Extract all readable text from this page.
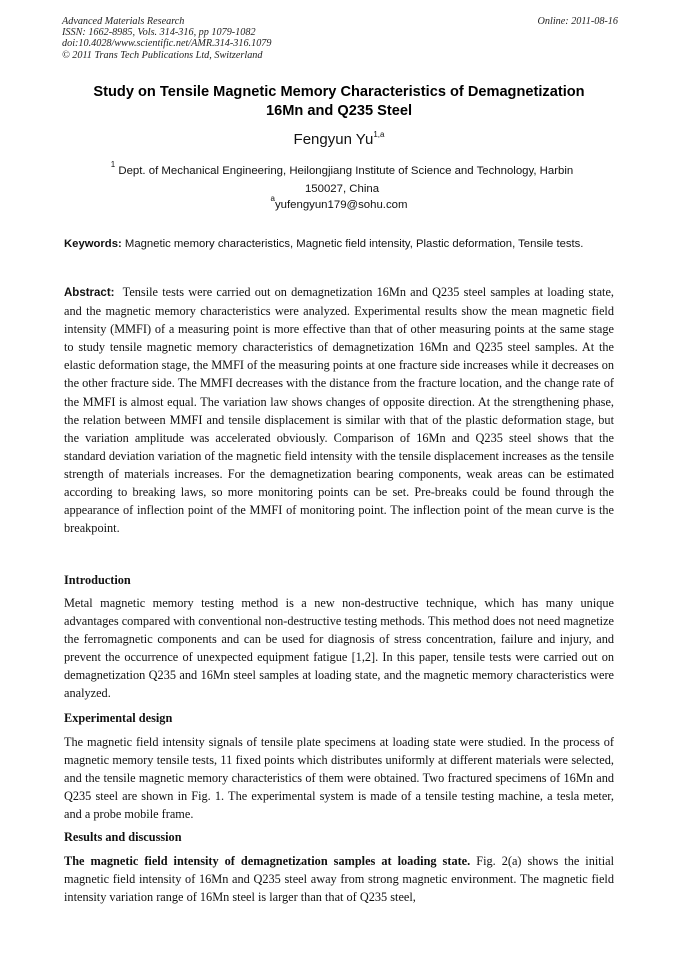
Advanced Materials Research
ISSN: 1662-8985, Vols. 314-316, pp 1079-1082
doi:10.4028/www.scientific.net/AMR.314-316.1079
© 2011 Trans Tech Publications Ltd, Switzerland
Online: 2011-08-16
Study on Tensile Magnetic Memory Characteristics of Demagnetization
16Mn and Q235 Steel
Fengyun Yu$^{1,a}$
$^1$ Dept. of Mechanical Engineering, Heilongjiang Institute of Science and Technology, Harbin
150027, China
$^a$yufengyun179@sohu.com
Keywords: Magnetic memory characteristics, Magnetic field intensity, Plastic deformation, Tensile tests.
Abstract: Tensile tests were carried out on demagnetization 16Mn and Q235 steel samples at loading state, and the magnetic memory characteristics were analyzed. Experimental results show the mean magnetic field intensity (MMFI) of a measuring point is more effective than that of other measuring points at the same stage to study tensile magnetic memory characteristics of demagnetization 16Mn and Q235 steel samples. At the elastic deformation stage, the MMFI of the measuring points at one fracture side increases while it decreases on the other fracture side. The MMFI decreases with the distance from the fracture location, and the change rate of the MMFI is almost equal. The variation law shows changes of opposite direction. At the strengthening phase, the relation between MMFI and tensile displacement is similar with that of the plastic deformation stage, but the variation amplitude was accelerated obviously. Comparison of 16Mn and Q235 steel shows that the standard deviation variation of the magnetic field intensity with the tensile displacement increases as the tensile strength of materials increases. For the demagnetization bearing components, weak areas can be estimated according to breaking laws, so more monitoring points can be set. Pre-breaks could be found through the appearance of inflection point of the MMFI of monitoring point. The inflection point of the mean curve is the breakpoint.
Introduction
Metal magnetic memory testing method is a new non-destructive technique, which has many unique advantages compared with conventional non-destructive testing methods. This method does not need magnetize the ferromagnetic components and can be used for diagnosis of stress concentration, failure and injury, and prevent the occurrence of unexpected equipment fatigue [1,2]. In this paper, tensile tests were carried out on demagnetization Q235 and 16Mn steel samples at loading state, and the magnetic memory characteristics were analyzed.
Experimental design
The magnetic field intensity signals of tensile plate specimens at loading state were studied. In the process of magnetic memory tensile tests, 11 fixed points which distributes uniformly at different materials were selected, and the tensile magnetic memory characteristics of them were obtained. Two fractured specimens of 16Mn and Q235 steel are shown in Fig. 1. The experimental system is made of a tensile testing machine, a tesla meter, and a probe mobile frame.
Results and discussion
The magnetic field intensity of demagnetization samples at loading state. Fig. 2(a) shows the initial magnetic field intensity of 16Mn and Q235 steel away from strong magnetic environment. The magnetic field intensity variation range of 16Mn steel is larger than that of Q235 steel,
